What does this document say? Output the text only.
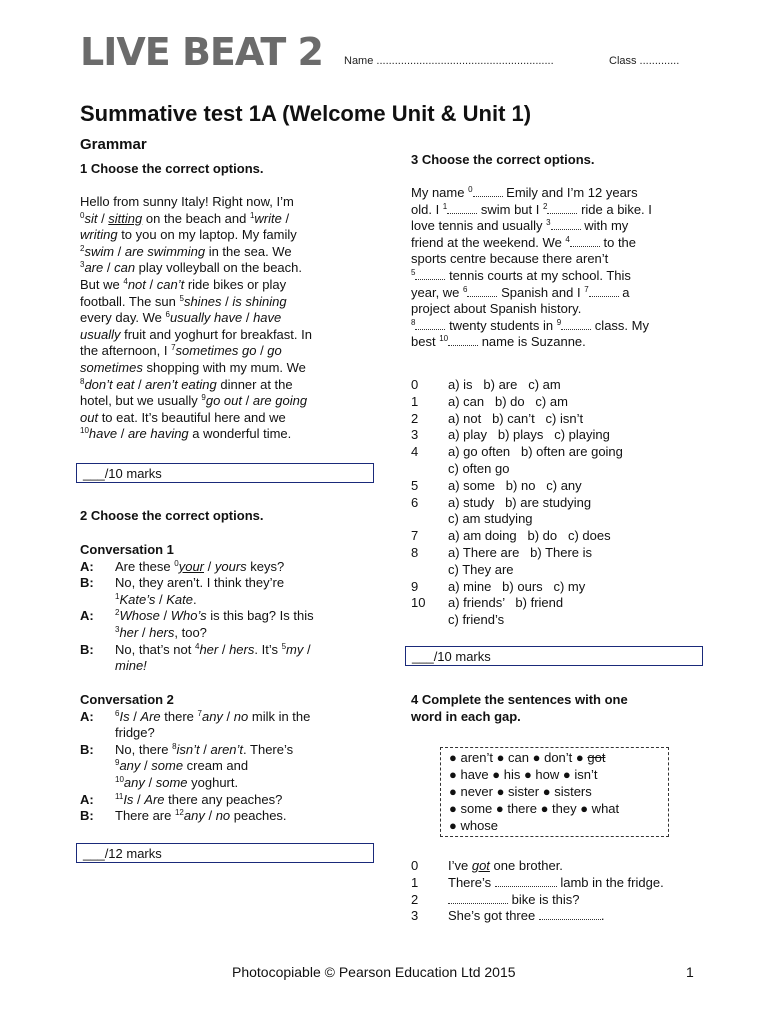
LIVE BEAT 2 Name ..........................................................	Class .............
Summative test 1A (Welcome Unit & Unit 1)
Grammar
1 Choose the correct options.
Hello from sunny Italy! Right now, I’m
$^0$sit / sitting on the beach and $^1$write /
writing to you on my laptop. My family
$^2$swim / are swimming in the sea. We
$^3$are / can play volleyball on the beach.
But we $^4$not / can’t ride bikes or play
football. The sun $^5$shines / is shining
every day. We $^6$usually have / have
usually fruit and yoghurt for breakfast. In
the afternoon, I $^7$sometimes go / go
sometimes shopping with my mum. We
$^8$don’t eat / aren’t eating dinner at the
hotel, but we usually $^9$go out / are going
out to eat. It’s beautiful here and we
$^{10}$have / are having a wonderful time.
___/10 marks
2 Choose the correct options.
Conversation 1
A:	Are these $^0$your / yours keys?
B:	No, they aren’t. I think they’re
$^1$Kate’s / Kate.
A:	$^2$Whose / Who’s is this bag? Is this
$^3$her / hers, too?
B:	No, that’s not $^4$her / hers. It’s $^5$my /
mine!
Conversation 2
A:	$^6$Is / Are there $^7$any / no milk in the
fridge?
B:	No, there $^8$isn’t / aren’t. There’s
$^9$any / some cream and
$^{10}$any / some yoghurt.
A:	$^{11}$Is / Are there any peaches?
B:	There are $^{12}$any / no peaches.
___/12 marks
3 Choose the correct options.
My name $^0$ Emily and I’m 12 years
old. I $^1$ swim but I $^2$ ride a bike. I
love tennis and usually $^3$ with my
friend at the weekend. We $^4$ to the
sports centre because there aren’t
$^5$ tennis courts at my school. This
year, we $^6$ Spanish and I $^7$ a
project about Spanish history.
$^8$ twenty students in $^9$ class. My
best $^{10}$ name is Suzanne.
0	a) is   b) are   c) am
1	a) can   b) do   c) am
2	a) not   b) can’t   c) isn’t
3	a) play   b) plays   c) playing
4	a) go often   b) often are going
c) often go
5	a) some   b) no   c) any
6	a) study   b) are studying
c) am studying
7	a) am doing   b) do   c) does
8	a) There are   b) There is
c) They are
9	a) mine   b) ours   c) my
10	a) friends’   b) friend
c) friend’s
___/10 marks
4 Complete the sentences with one
word in each gap.
● aren’t ● can ● don’t ● got
● have ● his ● how ● isn’t
● never ● sister ● sisters
● some ● there ● they ● what
● whose
0	I’ve got one brother.
1	There’s	lamb in the fridge.
2	bike is this?
3	She’s got three	.
Photocopiable © Pearson Education Ltd 2015	1
